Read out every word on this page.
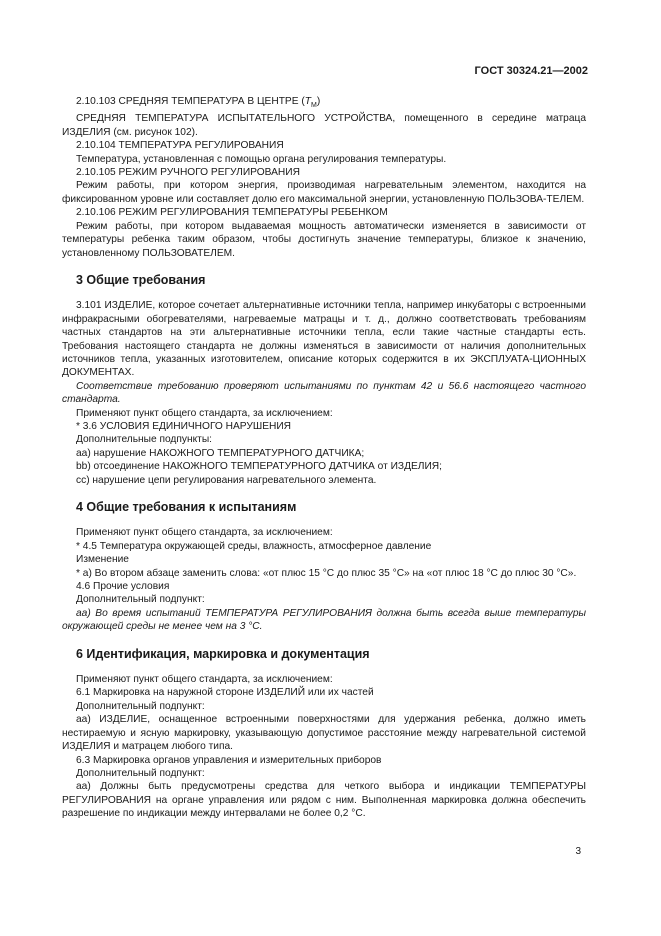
ГОСТ 30324.21—2002

2.10.103 СРЕДНЯЯ ТЕМПЕРАТУРА В ЦЕНТРЕ $(T_M)$

СРЕДНЯЯ ТЕМПЕРАТУРА ИСПЫТАТЕЛЬНОГО УСТРОЙСТВА, помещенного в середине матраца ИЗДЕЛИЯ (см. рисунок 102).

2.10.104 ТЕМПЕРАТУРА РЕГУЛИРОВАНИЯ

Температура, установленная с помощью органа регулирования температуры.

2.10.105 РЕЖИМ РУЧНОГО РЕГУЛИРОВАНИЯ

Режим работы, при котором энергия, производимая нагревательным элементом, находится на фиксированном уровне или составляет долю его максимальной энергии, установленную ПОЛЬЗОВА-ТЕЛЕМ.

2.10.106 РЕЖИМ РЕГУЛИРОВАНИЯ ТЕМПЕРАТУРЫ РЕБЕНКОМ

Режим работы, при котором выдаваемая мощность автоматически изменяется в зависимости от температуры ребенка таким образом, чтобы достигнуть значение температуры, близкое к значению, установленному ПОЛЬЗОВАТЕЛЕМ.

3 Общие требования

3.101 ИЗДЕЛИЕ, которое сочетает альтернативные источники тепла, например инкубаторы с встроенными инфракрасными обогревателями, нагреваемые матрацы и т. д., должно соответствовать требованиям частных стандартов на эти альтернативные источники тепла, если такие частные стандарты есть. Требования настоящего стандарта не должны изменяться в зависимости от наличия дополнительных источников тепла, указанных изготовителем, описание которых содержится в их ЭКСПЛУАТА-ЦИОННЫХ ДОКУМЕНТАХ.

Соответствие требованию проверяют испытаниями по пунктам 42 и 56.6 настоящего частного стандарта.

Применяют пункт общего стандарта, за исключением:

* 3.6 УСЛОВИЯ ЕДИНИЧНОГО НАРУШЕНИЯ

Дополнительные подпункты:

аа) нарушение НАКОЖНОГО ТЕМПЕРАТУРНОГО ДАТЧИКА;

bb) отсоединение НАКОЖНОГО ТЕМПЕРАТУРНОГО ДАТЧИКА от ИЗДЕЛИЯ;

cc) нарушение цепи регулирования нагревательного элемента.

4 Общие требования к испытаниям

Применяют пункт общего стандарта, за исключением:

* 4.5 Температура окружающей среды, влажность, атмосферное давление

Изменение

* а) Во втором абзаце заменить слова: «от плюс 15 °С до плюс 35 °С» на «от плюс 18 °С до плюс 30 °С».

4.6 Прочие условия

Дополнительный подпункт:

аа) Во время испытаний ТЕМПЕРАТУРА РЕГУЛИРОВАНИЯ должна быть всегда выше температуры окружающей среды не менее чем на 3 °С.

6 Идентификация, маркировка и документация

Применяют пункт общего стандарта, за исключением:

6.1 Маркировка на наружной стороне ИЗДЕЛИЙ или их частей

Дополнительный подпункт:

аа) ИЗДЕЛИЕ, оснащенное встроенными поверхностями для удержания ребенка, должно иметь нестираемую и ясную маркировку, указывающую допустимое расстояние между нагревательной системой ИЗДЕЛИЯ и матрацем любого типа.

6.3 Маркировка органов управления и измерительных приборов

Дополнительный подпункт:

аа) Должны быть предусмотрены средства для четкого выбора и индикации ТЕМПЕРАТУРЫ РЕГУЛИРОВАНИЯ на органе управления или рядом с ним. Выполненная маркировка должна обеспечить разрешение по индикации между интервалами не более 0,2 °С.

3
